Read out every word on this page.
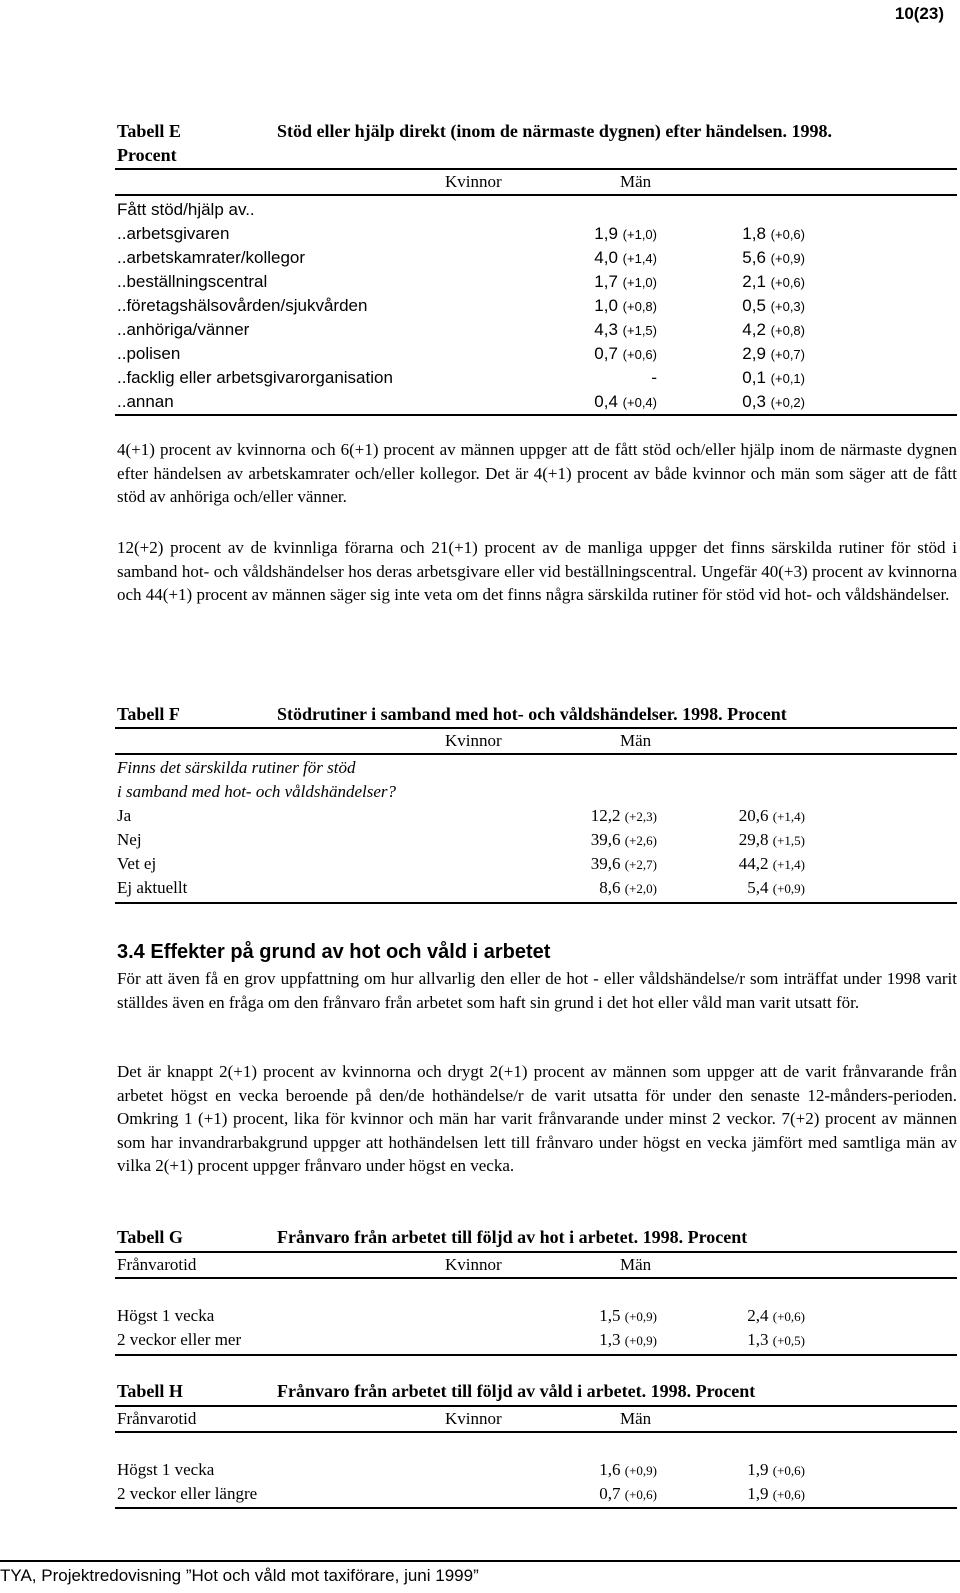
10(23)
Tabell E	Stöd eller hjälp direkt (inom de närmaste dygnen) efter händelsen. 1998.
Procent
Kvinnor	Män
Fått stöd/hjälp av..
..arbetsgivaren	1,9 (+1,0)	1,8 (+0,6)
..arbetskamrater/kollegor	4,0 (+1,4)	5,6 (+0,9)
..beställningscentral	1,7 (+1,0)	2,1 (+0,6)
..företagshälsovården/sjukvården	1,0 (+0,8)	0,5 (+0,3)
..anhöriga/vänner	4,3 (+1,5)	4,2 (+0,8)
..polisen	0,7 (+0,6)	2,9 (+0,7)
..facklig eller arbetsgivarorganisation	-	0,1 (+0,1)
..annan	0,4 (+0,4)	0,3 (+0,2)
4(+1) procent av kvinnorna och 6(+1) procent av männen uppger att de fått stöd och/eller hjälp inom de närmaste dygnen efter händelsen av arbetskamrater och/eller kollegor. Det är 4(+1) procent av både kvinnor och män som säger att de fått stöd av anhöriga och/eller vänner.
12(+2) procent av de kvinnliga förarna och 21(+1) procent av de manliga uppger det finns särskilda rutiner för stöd i samband hot- och våldshändelser hos deras arbetsgivare eller vid beställningscentral. Ungefär 40(+3) procent av kvinnorna och 44(+1) procent av männen säger sig inte veta om det finns några särskilda rutiner för stöd vid hot- och våldshändelser.
Tabell F	Stödrutiner i samband med hot- och våldshändelser. 1998. Procent
Kvinnor	Män
Finns det särskilda rutiner för stöd
i samband med hot- och våldshändelser?
Ja	12,2 (+2,3)	20,6 (+1,4)
Nej	39,6 (+2,6)	29,8 (+1,5)
Vet ej	39,6 (+2,7)	44,2 (+1,4)
Ej aktuellt	8,6 (+2,0)	5,4 (+0,9)
3.4 Effekter på grund av hot och våld i arbetet
För att även få en grov uppfattning om hur allvarlig den eller de hot - eller våldshändelse/r som inträffat under 1998 varit ställdes även en fråga om den frånvaro från arbetet som haft sin grund i det hot eller våld man varit utsatt för.
Det är knappt 2(+1) procent av kvinnorna och drygt 2(+1) procent av männen som uppger att de varit frånvarande från arbetet högst en vecka beroende på den/de hothändelse/r de varit utsatta för under den senaste 12-månders-perioden. Omkring 1 (+1) procent, lika för kvinnor och män har varit frånvarande under minst 2 veckor. 7(+2) procent av männen som har invandrarbakgrund uppger att hothändelsen lett till frånvaro under högst en vecka jämfört med samtliga män av vilka 2(+1) procent uppger frånvaro under högst en vecka.
Tabell G	Frånvaro från arbetet till följd av hot i arbetet. 1998. Procent
Frånvarotid	Kvinnor	Män
Högst 1 vecka	1,5 (+0,9)	2,4 (+0,6)
2 veckor eller mer	1,3 (+0,9)	1,3 (+0,5)
Tabell H	Frånvaro från arbetet till följd av våld i arbetet. 1998. Procent
Frånvarotid	Kvinnor	Män
Högst 1 vecka	1,6 (+0,9)	1,9 (+0,6)
2 veckor eller längre	0,7 (+0,6)	1,9 (+0,6)
TYA, Projektredovisning ”Hot och våld mot taxiförare, juni 1999”
